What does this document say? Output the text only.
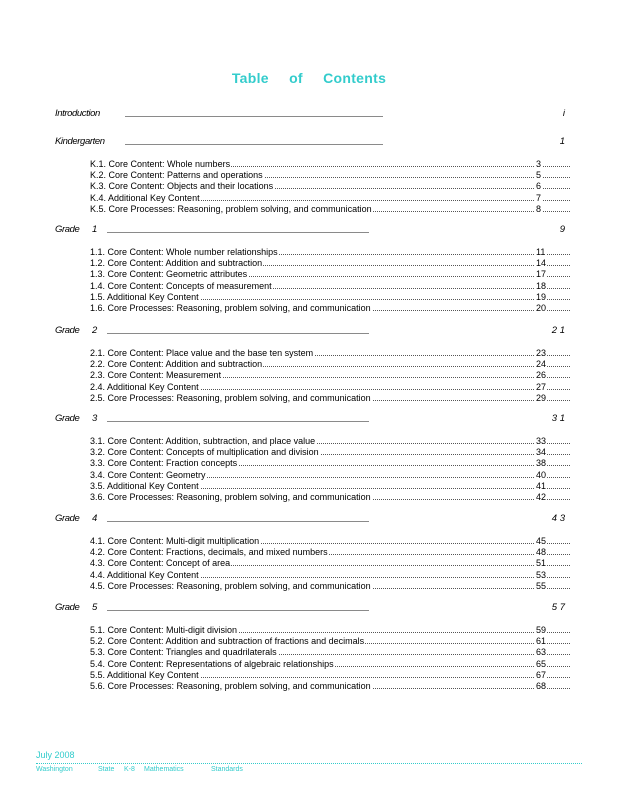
Table of Contents
Introduction	i
Kindergarten	1
K.1. Core Content: Whole numbers	3
K.2. Core Content: Patterns and operations	5
K.3. Core Content: Objects and their locations	6
K.4. Additional Key Content	7
K.5. Core Processes: Reasoning, problem solving, and communication	8
Grade 1	9
1.1. Core Content: Whole number relationships	11
1.2. Core Content: Addition and subtraction	14
1.3. Core Content: Geometric attributes	17
1.4. Core Content: Concepts of measurement	18
1.5. Additional Key Content	19
1.6. Core Processes: Reasoning, problem solving, and communication	20
Grade 2	2 1
2.1. Core Content: Place value and the base ten system	23
2.2. Core Content: Addition and subtraction	24
2.3. Core Content: Measurement	26
2.4. Additional Key Content	27
2.5. Core Processes: Reasoning, problem solving, and communication	29
Grade 3	3 1
3.1. Core Content: Addition, subtraction, and place value	33
3.2. Core Content: Concepts of multiplication and division	34
3.3. Core Content: Fraction concepts	38
3.4. Core Content: Geometry	40
3.5. Additional Key Content	41
3.6. Core Processes: Reasoning, problem solving, and communication	42
Grade 4	4 3
4.1. Core Content: Multi-digit multiplication	45
4.2. Core Content: Fractions, decimals, and mixed numbers	48
4.3. Core Content: Concept of area	51
4.4. Additional Key Content	53
4.5. Core Processes: Reasoning, problem solving, and communication	55
Grade 5	5 7
5.1. Core Content: Multi-digit division	59
5.2. Core Content: Addition and subtraction of fractions and decimals	61
5.3. Core Content: Triangles and quadrilaterals	63
5.4. Core Content: Representations of algebraic relationships	65
5.5. Additional Key Content	67
5.6. Core Processes: Reasoning, problem solving, and communication	68
July 2008
Washington	State K-8 Mathematics	Standards
